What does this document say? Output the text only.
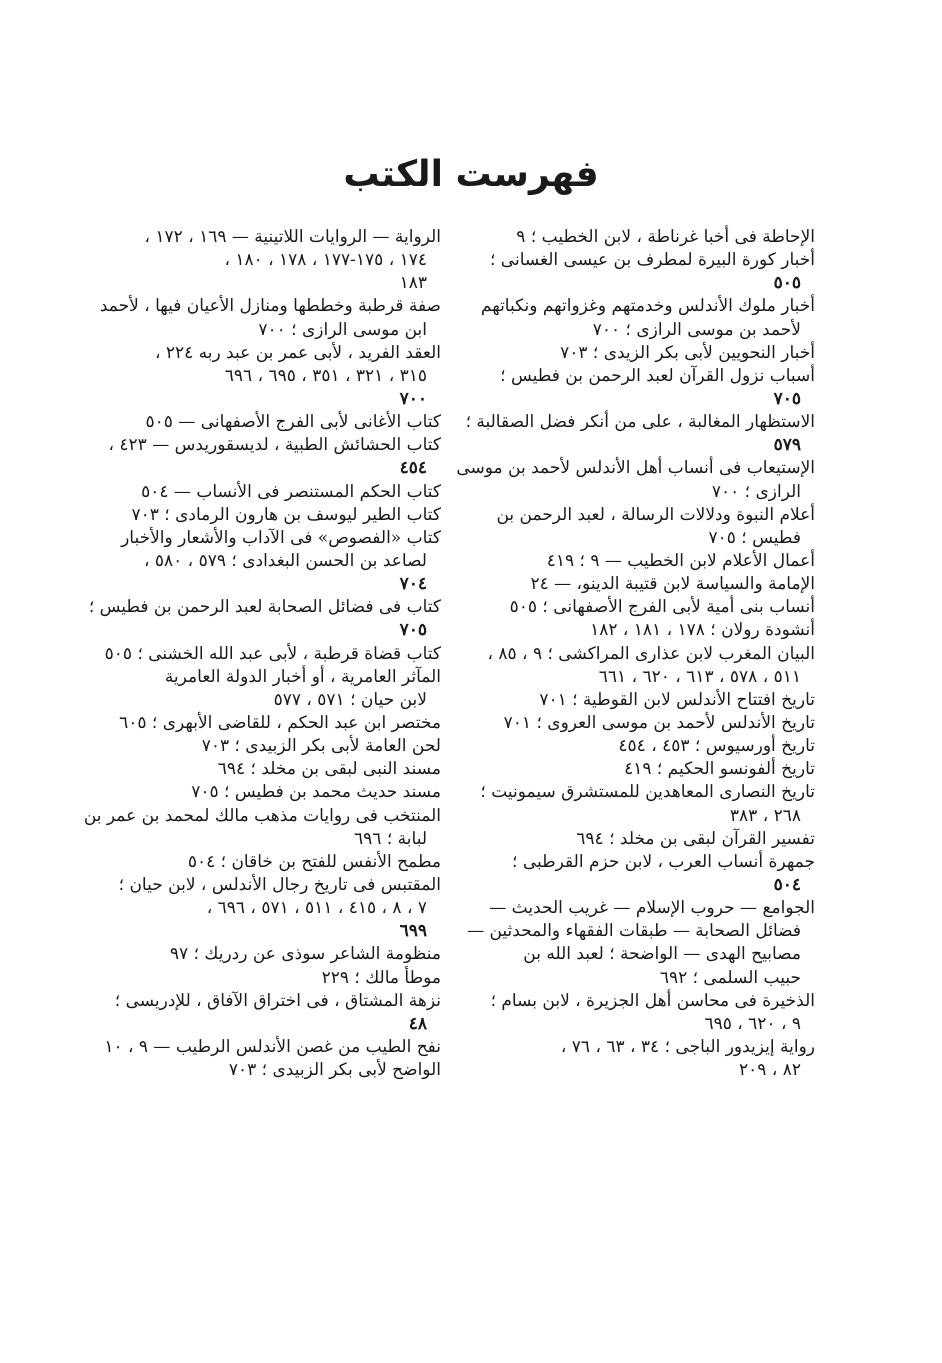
فهرست الكتب

الإحاطة فى أخبا غرناطة ، لابن الخطيب ؛ ٩

أخبار كورة البيرة لمطرف بن عيسى الغسانى ؛

٥٠٥

أخبار ملوك الأندلس وخدمتهم وغزواتهم ونكباتهم

لأحمد بن موسى الرازى ؛ ٧٠٠

أخبار النحويين لأبى بكر الزيدى ؛ ٧٠٣

أسباب نزول القرآن لعبد الرحمن بن فطيس ؛

٧٠٥

الاستظهار المغالبة ، على من أنكر فضل الصقالبة ؛

٥٧٩

الإستيعاب فى أنساب أهل الأندلس لأحمد بن موسى

الرازى ؛ ٧٠٠

أعلام النبوة ودلالات الرسالة ، لعبد الرحمن بن

فطيس ؛ ٧٠٥

أعمال الأعلام لابن الخطيب — ٩ ؛ ٤١٩

الإمامة والسياسة لابن قتيبة الدينو، — ٢٤

أنساب بنى أمية لأبى الفرج الأصفهانى ؛ ٥٠٥

أنشودة رولان ؛ ١٧٨ ، ١٨١ ، ١٨٢

البيان المغرب لابن عذارى المراكشى ؛ ٩ ، ٨٥ ،

٥١١ ، ٥٧٨ ، ٦١٣ ، ٦٢٠ ، ٦٦١

تاريخ افتتاح الأندلس لابن القوطية ؛ ٧٠١

تاريخ الأندلس لأحمد بن موسى العروى ؛ ٧٠١

تاريخ أورسيوس ؛ ٤٥٣ ، ٤٥٤

تاريخ ألفونسو الحكيم ؛ ٤١٩

تاريخ النصارى المعاهدين للمستشرق سيمونيت ؛

٢٦٨ ، ٣٨٣

تفسير القرآن لبقى بن مخلد ؛ ٦٩٤

جمهرة أنساب العرب ، لابن حزم القرطبى ؛

٥٠٤

الجوامع — حروب الإسلام — غريب الحديث —

فضائل الصحابة — طبقات الفقهاء والمحدثين —

مصابيح الهدى — الواضحة ؛ لعبد الله بن

حبيب السلمى ؛ ٦٩٢

الذخيرة فى محاسن أهل الجزيرة ، لابن بسام ؛

٩ ، ٦٢٠ ، ٦٩٥

رواية إيزيدور الباجى ؛ ٣٤ ، ٦٣ ، ٧٦ ،

٨٢ ، ٢٠٩

الرواية — الروايات اللاتينية — ١٦٩ ، ١٧٢ ،

١٧٤ ، ١٧٥-١٧٧ ، ١٧٨ ، ١٨٠ ،

١٨٣

صفة قرطبة وخططها ومنازل الأعيان فيها ، لأحمد

ابن موسى الرازى ؛ ٧٠٠

العقد الفريد ، لأبى عمر بن عبد ربه ٢٢٤ ،

٣١٥ ، ٣٢١ ، ٣٥١ ، ٦٩٥ ، ٦٩٦

٧٠٠

كتاب الأغانى لأبى الفرج الأصفهانى — ٥٠٥

كتاب الحشائش الطبية ، لديسقوريدس — ٤٢٣ ،

٤٥٤

كتاب الحكم المستنصر فى الأنساب — ٥٠٤

كتاب الطير ليوسف بن هارون الرمادى ؛ ٧٠٣

كتاب «الفصوص» فى الآداب والأشعار والأخبار

لصاعد بن الحسن البغدادى ؛ ٥٧٩ ، ٥٨٠ ،

٧٠٤

كتاب فى فضائل الصحابة لعبد الرحمن بن فطيس ؛

٧٠٥

كتاب قضاة قرطبة ، لأبى عبد الله الخشنى ؛ ٥٠٥

المآثر العامرية ، أو أخبار الدولة العامرية

لابن حيان ؛ ٥٧١ ، ٥٧٧

مختصر ابن عبد الحكم ، للقاضى الأبهرى ؛ ٦٠٥

لحن العامة لأبى بكر الزبيدى ؛ ٧٠٣

مسند النبى لبقى بن مخلد ؛ ٦٩٤

مسند حديث محمد بن فطيس ؛ ٧٠٥

المنتخب فى روايات مذهب مالك لمحمد بن عمر بن

لبابة ؛ ٦٩٦

مطمح الأنفس للفتح بن خاقان ؛ ٥٠٤

المقتبس فى تاريخ رجال الأندلس ، لابن حيان ؛

٧ ، ٨ ، ٤١٥ ، ٥١١ ، ٥٧١ ، ٦٩٦ ،

٦٩٩

منظومة الشاعر سوذى عن ردريك ؛ ٩٧

موطأ مالك ؛ ٢٢٩

نزهة المشتاق ، فى اختراق الآفاق ، للإدريسى ؛

٤٨

نفح الطيب من غصن الأندلس الرطيب — ٩ ، ١٠

الواضح لأبى بكر الزبيدى ؛ ٧٠٣
